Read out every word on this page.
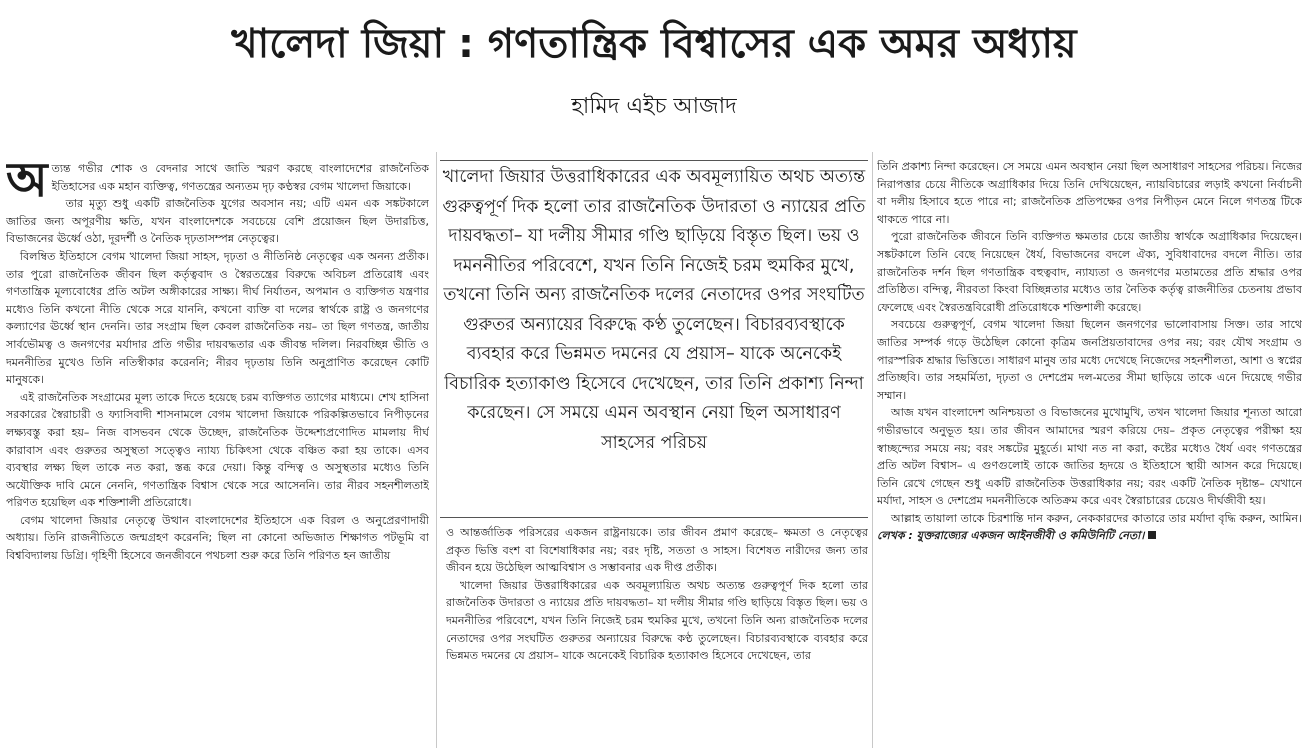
খালেদা জিয়া : গণতান্ত্রিক বিশ্বাসের এক অমর অধ্যায়
হামিদ এইচ আজাদ
অ ত্যন্ত গভীর শোক ও বেদনার সাথে জাতি স্মরণ করছে বাংলাদেশের রাজনৈতিক ইতিহাসের এক মহান ব্যক্তিত্ব, গণতন্ত্রের অন্যতম দৃঢ় কণ্ঠস্বর বেগম খালেদা জিয়াকে।

তার মৃত্যু শুধু একটি রাজনৈতিক যুগের অবসান নয়; এটি এমন এক সঙ্কটকালে জাতির জন্য অপূরণীয় ক্ষতি, যখন বাংলাদেশকে সবচেয়ে বেশি প্রয়োজন ছিল উদারচিত্ত, বিভাজনের ঊর্ধ্বে ওঠা, দূরদর্শী ও নৈতিক দৃঢ়তাসম্পন্ন নেতৃত্বের।

বিলম্বিত ইতিহাসে বেগম খালেদা জিয়া সাহস, দৃঢ়তা ও নীতিনিষ্ঠ নেতৃত্বের এক অনন্য প্রতীক। তার পুরো রাজনৈতিক জীবন ছিল কর্তৃত্ববাদ ও স্বৈরতন্ত্রের বিরুদ্ধে অবিচল প্রতিরোধ এবং গণতান্ত্রিক মূল্যবোধের প্রতি অটল অঙ্গীকারের সাক্ষ্য। দীর্ঘ নির্যাতন, অপমান ও ব্যক্তিগত যন্ত্রণার মধ্যেও তিনি কখনো নীতি থেকে সরে যাননি, কখনো ব্যক্তি বা দলের স্বার্থকে রাষ্ট্র ও জনগণের কল্যাণের ঊর্ধ্বে স্থান দেননি। তার সংগ্রাম ছিল কেবল রাজনৈতিক নয়– তা ছিল গণতন্ত্র, জাতীয় সার্বভৌমত্ব ও জনগণের মর্যাদার প্রতি গভীর দায়বদ্ধতার এক জীবন্ত দলিল। নিরবচ্ছিন্ন ভীতি ও দমননীতির মুখেও তিনি নতিস্বীকার করেননি; নীরব দৃঢ়তায় তিনি অনুপ্রাণিত করেছেন কোটি মানুষকে।

এই রাজনৈতিক সংগ্রামের মূল্য তাকে দিতে হয়েছে চরম ব্যক্তিগত ত্যাগের মাধ্যমে। শেখ হাসিনা সরকারের স্বৈরাচারী ও ফ্যাসিবাদী শাসনামলে বেগম খালেদা জিয়াকে পরিকল্পিতভাবে নিপীড়নের লক্ষ্যবস্তু করা হয়– নিজ বাসভবন থেকে উচ্ছেদ, রাজনৈতিক উদ্দেশ্যপ্রণোদিত মামলায় দীর্ঘ কারাবাস এবং গুরুতর অসুস্থতা সত্ত্বেও ন্যায্য চিকিৎসা থেকে বঞ্চিত করা হয় তাকে। এসব ব্যবস্থার লক্ষ্য ছিল তাকে নত করা, স্তব্ধ করে দেয়া। কিন্তু বন্দিত্ব ও অসুস্থতার মধ্যেও তিনি অযৌক্তিক দাবি মেনে নেননি, গণতান্ত্রিক বিশ্বাস থেকে সরে আসেননি। তার নীরব সহনশীলতাই পরিণত হয়েছিল এক শক্তিশালী প্রতিরোধে।

বেগম খালেদা জিয়ার নেতৃত্বে উত্থান বাংলাদেশের ইতিহাসে এক বিরল ও অনুপ্রেরণাদায়ী অধ্যায়। তিনি রাজনীতিতে জন্মগ্রহণ করেননি; ছিল না কোনো অভিজাত শিক্ষাগত পটভূমি বা বিশ্ববিদ্যালয় ডিগ্রি। গৃহিণী হিসেবে জনজীবনে পথচলা শুরু করে তিনি পরিণত হন জাতীয়

খালেদা জিয়ার উত্তরাধিকারের এক অবমূল্যায়িত অথচ অত্যন্ত গুরুত্বপূর্ণ দিক হলো তার রাজনৈতিক উদারতা ও ন্যায়ের প্রতি দায়বদ্ধতা– যা দলীয় সীমার গণ্ডি ছাড়িয়ে বিস্তৃত ছিল। ভয় ও দমননীতির পরিবেশে, যখন তিনি নিজেই চরম হুমকির মুখে, তখনো তিনি অন্য রাজনৈতিক দলের নেতাদের ওপর সংঘটিত গুরুতর অন্যায়ের বিরুদ্ধে কণ্ঠ তুলেছেন। বিচারব্যবস্থাকে ব্যবহার করে ভিন্নমত দমনের যে প্রয়াস– যাকে অনেকেই বিচারিক হত্যাকাণ্ড হিসেবে দেখেছেন, তার তিনি প্রকাশ্য নিন্দা করেছেন। সে সময়ে এমন অবস্থান নেয়া ছিল অসাধারণ সাহসের পরিচয়

ও আন্তর্জাতিক পরিসরের একজন রাষ্ট্রনায়কে। তার জীবন প্রমাণ করেছে– ক্ষমতা ও নেতৃত্বের প্রকৃত ভিত্তি বংশ বা বিশেষাধিকার নয়; বরং দৃষ্টি, সততা ও সাহস। বিশেষত নারীদের জন্য তার জীবন হয়ে উঠেছিল আত্মবিশ্বাস ও সম্ভাবনার এক দীপ্ত প্রতীক।

খালেদা জিয়ার উত্তরাধিকারের এক অবমূল্যায়িত অথচ অত্যন্ত গুরুত্বপূর্ণ দিক হলো তার রাজনৈতিক উদারতা ও ন্যায়ের প্রতি দায়বদ্ধতা– যা দলীয় সীমার গণ্ডি ছাড়িয়ে বিস্তৃত ছিল। ভয় ও দমননীতির পরিবেশে, যখন তিনি নিজেই চরম হুমকির মুখে, তখনো তিনি অন্য রাজনৈতিক দলের নেতাদের ওপর সংঘটিত গুরুতর অন্যায়ের বিরুদ্ধে কণ্ঠ তুলেছেন। বিচারব্যবস্থাকে ব্যবহার করে ভিন্নমত দমনের যে প্রয়াস– যাকে অনেকেই বিচারিক হত্যাকাণ্ড হিসেবে দেখেছেন, তার

তিনি প্রকাশ্য নিন্দা করেছেন। সে সময়ে এমন অবস্থান নেয়া ছিল অসাধারণ সাহসের পরিচয়। নিজের নিরাপত্তার চেয়ে নীতিকে অগ্রাধিকার দিয়ে তিনি দেখিয়েছেন, ন্যায়বিচারের লড়াই কখনো নির্বাচনী বা দলীয় হিসাবে হতে পারে না; রাজনৈতিক প্রতিপক্ষের ওপর নিপীড়ন মেনে নিলে গণতন্ত্র টিকে থাকতে পারে না।

পুরো রাজনৈতিক জীবনে তিনি ব্যক্তিগত ক্ষমতার চেয়ে জাতীয় স্বার্থকে অগ্রাধিকার দিয়েছেন। সঙ্কটকালে তিনি বেছে নিয়েছেন ধৈর্য, বিভাজনের বদলে ঐক্য, সুবিধাবাদের বদলে নীতি। তার রাজনৈতিক দর্শন ছিল গণতান্ত্রিক বহুত্ববাদ, ন্যায্যতা ও জনগণের মতামতের প্রতি শ্রদ্ধার ওপর প্রতিষ্ঠিত। বন্দিত্ব, নীরবতা কিংবা বিচ্ছিন্নতার মধ্যেও তার নৈতিক কর্তৃত্ব রাজনীতির চেতনায় প্রভাব ফেলেছে এবং স্বৈরতন্ত্রবিরোধী প্রতিরোধকে শক্তিশালী করেছে।

সবচেয়ে গুরুত্বপূর্ণ, বেগম খালেদা জিয়া ছিলেন জনগণের ভালোবাসায় সিক্ত। তার সাথে জাতির সম্পর্ক গড়ে উঠেছিল কোনো কৃত্রিম জনপ্রিয়তাবাদের ওপর নয়; বরং যৌথ সংগ্রাম ও পারস্পরিক শ্রদ্ধার ভিত্তিতে। সাধারণ মানুষ তার মধ্যে দেখেছে নিজেদের সহনশীলতা, আশা ও স্বপ্নের প্রতিচ্ছবি। তার সহমর্মিতা, দৃঢ়তা ও দেশপ্রেম দল-মতের সীমা ছাড়িয়ে তাকে এনে দিয়েছে গভীর সম্মান।

আজ যখন বাংলাদেশ অনিশ্চয়তা ও বিভাজনের মুখোমুখি, তখন খালেদা জিয়ার শূন্যতা আরো গভীরভাবে অনুভূত হয়। তার জীবন আমাদের স্মরণ করিয়ে দেয়– প্রকৃত নেতৃত্বের পরীক্ষা হয় স্বাচ্ছন্দ্যের সময়ে নয়; বরং সঙ্কটের মুহূর্তে। মাথা নত না করা, কষ্টের মধ্যেও ধৈর্য এবং গণতন্ত্রের প্রতি অটল বিশ্বাস– এ গুণগুলোই তাকে জাতির হৃদয়ে ও ইতিহাসে স্থায়ী আসন করে দিয়েছে। তিনি রেখে গেছেন শুধু একটি রাজনৈতিক উত্তরাধিকার নয়; বরং একটি নৈতিক দৃষ্টান্ত– যেখানে মর্যাদা, সাহস ও দেশপ্রেম দমননীতিকে অতিক্রম করে এবং স্বৈরাচারের চেয়েও দীর্ঘজীবী হয়।

আল্লাহ তায়ালা তাকে চিরশান্তি দান করুন, নেককারদের কাতারে তার মর্যাদা বৃদ্ধি করুন, আমিন। লেখক : যুক্তরাজ্যের একজন আইনজীবী ও কমিউনিটি নেতা।
